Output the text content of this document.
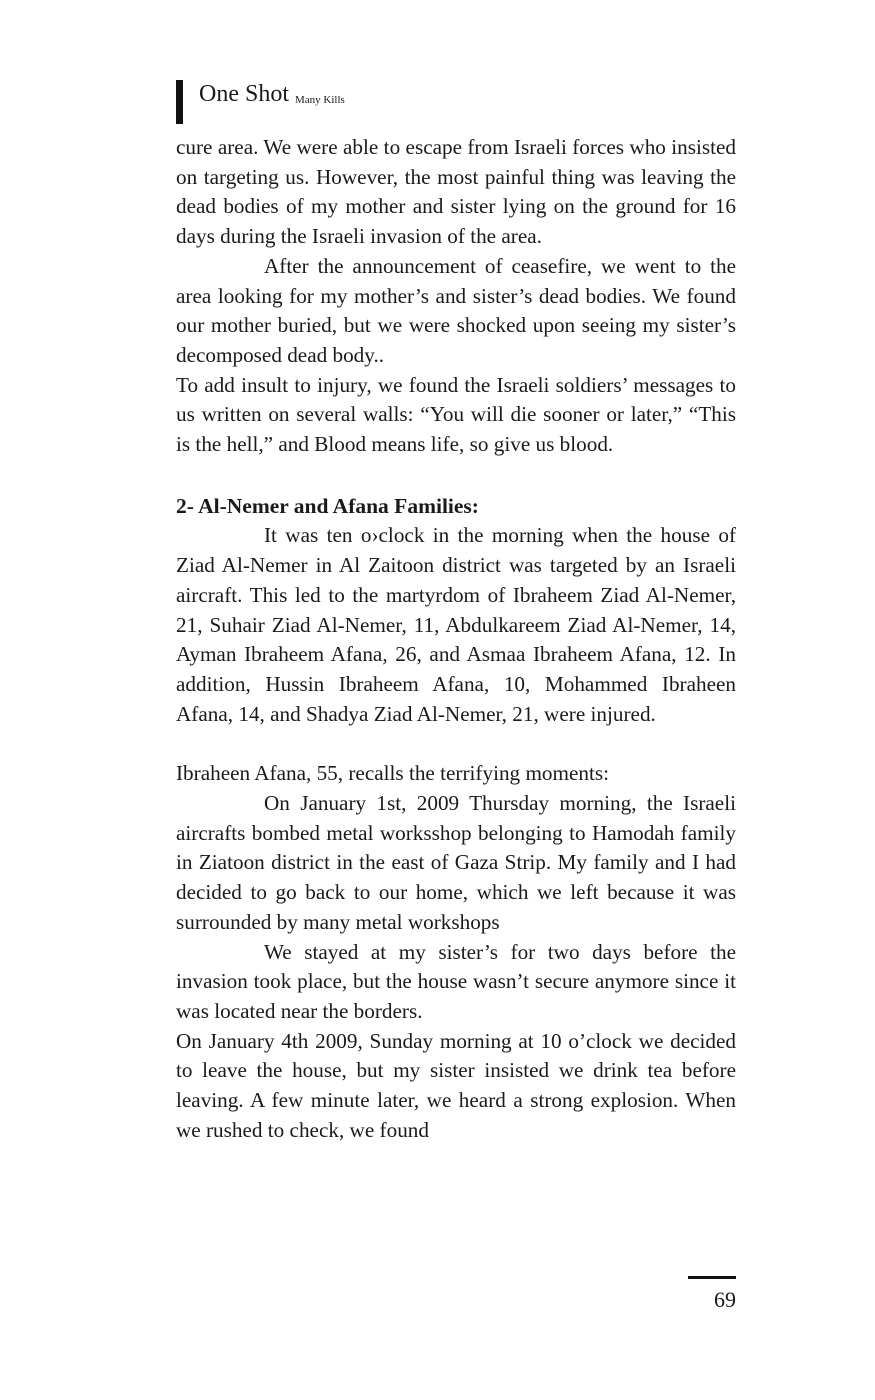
One Shot Many Kills

cure area. We were able to escape from Israeli forces who insisted on targeting us. However, the most painful thing was leaving the dead bodies of my mother and sister lying on the ground for 16 days during the Israeli invasion of the area.

After the announcement of ceasefire, we went to the area looking for my mother’s and sister’s dead bodies. We found our mother buried, but we were shocked upon seeing my sister’s decomposed dead body..

To add insult to injury, we found the Israeli soldiers’ messages to us written on several walls: “You will die sooner or later,” “This is the hell,” and Blood means life, so give us blood.

2- Al-Nemer and Afana Families:

It was ten o›clock in the morning when the house of Ziad Al-Nemer in Al Zaitoon district was targeted by an Israeli aircraft. This led to the martyrdom of Ibraheem Ziad Al-Nemer, 21, Suhair Ziad Al-Nemer, 11, Abdulkareem Ziad Al-Nemer, 14, Ayman Ibraheem Afana, 26, and Asmaa Ibraheem Afana, 12. In addition, Hussin Ibraheem Afana, 10, Mohammed Ibraheen Afana, 14, and Shadya Ziad Al-Nemer, 21, were injured.

Ibraheen Afana, 55, recalls the terrifying moments:

On January 1st, 2009 Thursday morning, the Israeli aircrafts bombed metal worksshop belonging to Hamodah family in Ziatoon district in the east of Gaza Strip. My family and I had decided to go back to our home, which we left because it was surrounded by many metal workshops

We stayed at my sister’s for two days before the invasion took place, but the house wasn’t secure anymore since it was located near the borders.

On January 4th 2009, Sunday morning at 10 o’clock we decided to leave the house, but my sister insisted we drink tea before leaving. A few minute later, we heard a strong explosion. When we rushed to check, we found

69
